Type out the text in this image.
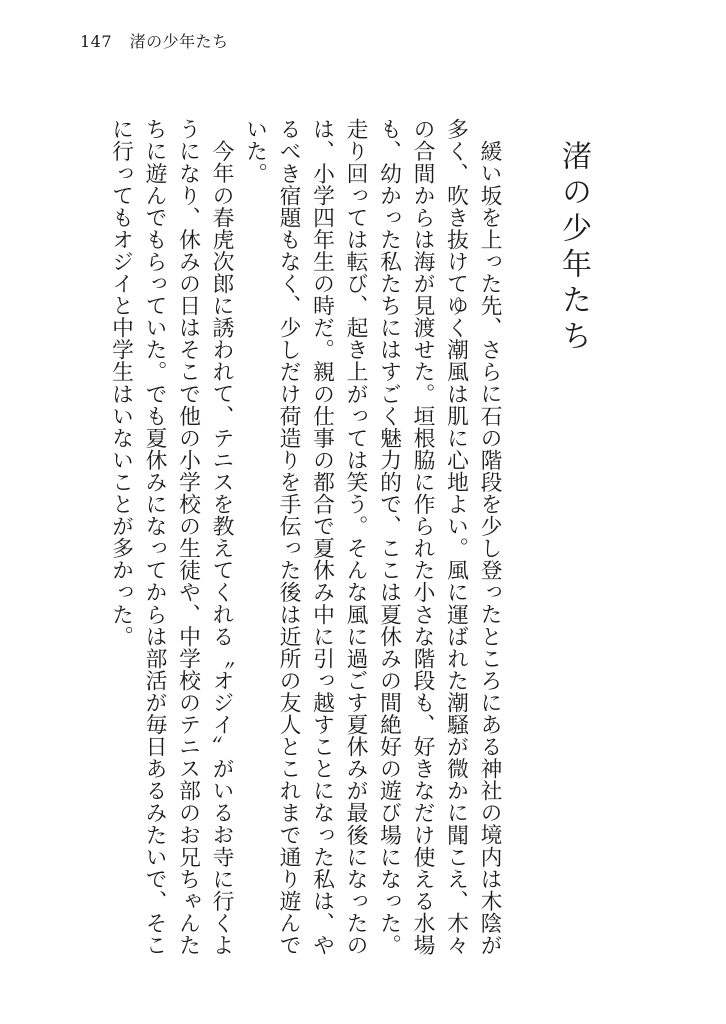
147 渚の少年たち
渚の少年たち

緩い坂を上った先、さらに石の階段を少し登ったところにある神社の境内は木陰が多く、吹き抜けてゆく潮風は肌に心地よい。風に運ばれた潮騒が微かに聞こえ、木々の合間からは海が見渡せた。垣根脇に作られた小さな階段も、好きなだけ使える水場も、幼かった私たちにはすごく魅力的で、ここは夏休みの間絶好の遊び場になった。走り回っては転び、起き上がっては笑う。そんな風に過ごす夏休みが最後になったのは、小学四年生の時だ。親の仕事の都合で夏休み中に引っ越すことになった私は、やるべき宿題もなく、少しだけ荷造りを手伝った後は近所の友人とこれまで通り遊んでいた。

今年の春虎次郎に誘われて、テニスを教えてくれる〝オジイ〟がいるお寺に行くようになり、休みの日はそこで他の小学校の生徒や、中学校のテニス部のお兄ちゃんたちに遊んでもらっていた。でも夏休みになってからは部活が毎日あるみたいで、そこに行ってもオジイと中学生はいないことが多かった。
